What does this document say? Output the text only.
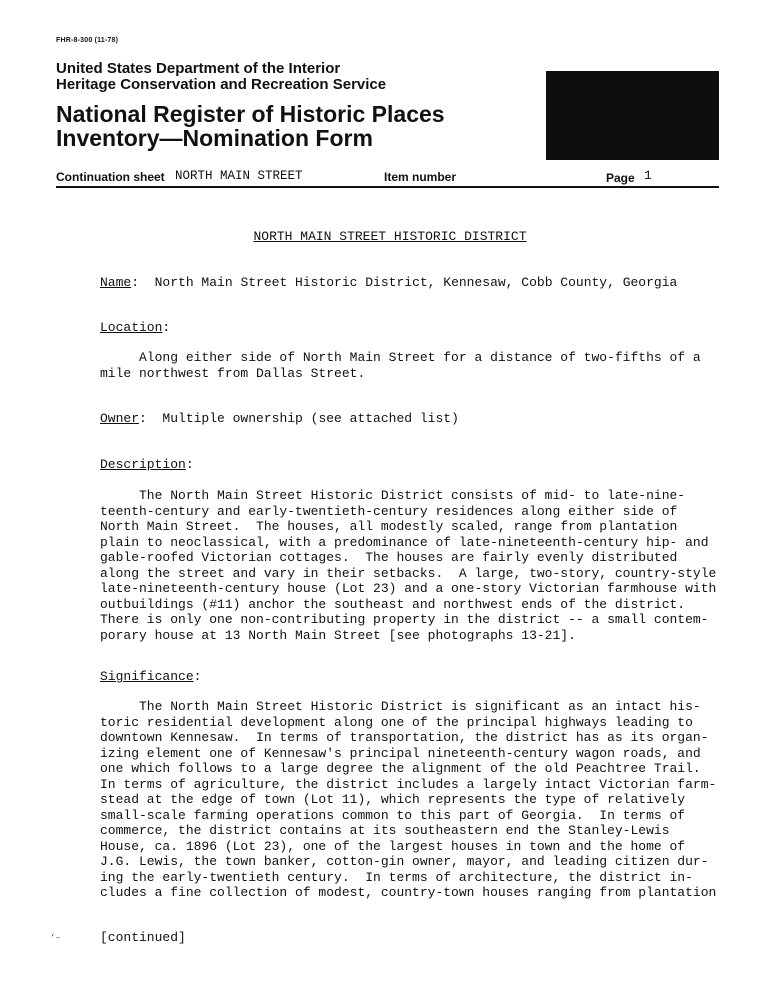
FHR-8-300 (11-78)
United States Department of the Interior
Heritage Conservation and Recreation Service
National Register of Historic Places
Inventory—Nomination Form
Continuation sheet NORTH MAIN STREET	Item number	Page 1
NORTH MAIN STREET HISTORIC DISTRICT
Name:  North Main Street Historic District, Kennesaw, Cobb County, Georgia
Location:
Along either side of North Main Street for a distance of two-fifths of a
mile northwest from Dallas Street.
Owner:  Multiple ownership (see attached list)
Description:
The North Main Street Historic District consists of mid- to late-nine-
teenth-century and early-twentieth-century residences along either side of
North Main Street.  The houses, all modestly scaled, range from plantation
plain to neoclassical, with a predominance of late-nineteenth-century hip- and
gable-roofed Victorian cottages.  The houses are fairly evenly distributed
along the street and vary in their setbacks.  A large, two-story, country-style
late-nineteenth-century house (Lot 23) and a one-story Victorian farmhouse with
outbuildings (#11) anchor the southeast and northwest ends of the district.
There is only one non-contributing property in the district -- a small contem-
porary house at 13 North Main Street [see photographs 13-21].
Significance:
The North Main Street Historic District is significant as an intact his-
toric residential development along one of the principal highways leading to
downtown Kennesaw.  In terms of transportation, the district has as its organ-
izing element one of Kennesaw's principal nineteenth-century wagon roads, and
one which follows to a large degree the alignment of the old Peachtree Trail.
In terms of agriculture, the district includes a largely intact Victorian farm-
stead at the edge of town (Lot 11), which represents the type of relatively
small-scale farming operations common to this part of Georgia.  In terms of
commerce, the district contains at its southeastern end the Stanley-Lewis
House, ca. 1896 (Lot 23), one of the largest houses in town and the home of
J.G. Lewis, the town banker, cotton-gin owner, mayor, and leading citizen dur-
ing the early-twentieth century.  In terms of architecture, the district in-
cludes a fine collection of modest, country-town houses ranging from plantation
‘–	[continued]
